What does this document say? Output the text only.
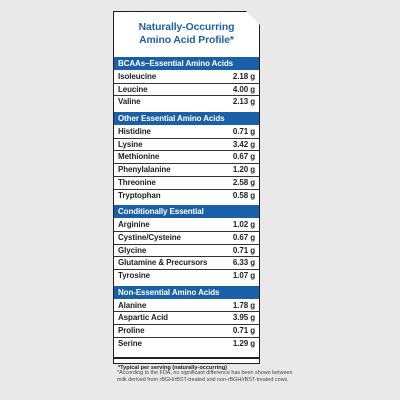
Naturally-Occurring
Amino Acid Profile*
BCAAs–Essential Amino Acids
Isoleucine	2.18 g
Leucine	4.00 g
Valine	2.13 g
Other Essential Amino Acids
Histidine	0.71 g
Lysine	3.42 g
Methionine	0.67 g
Phenylalanine	1.20 g
Threonine	2.58 g
Tryptophan	0.58 g
Conditionally Essential
Arginine	1.02 g
Cystine/Cysteine	0.67 g
Glycine	0.71 g
Glutamine & Precursors	6.33 g
Tyrosine	1.07 g
Non-Essential Amino Acids
Alanine	1.78 g
Aspartic Acid	3.95 g
Proline	0.71 g
Serine	1.29 g
*Typical per serving (naturally-occurring)
*According to the FDA, no significant difference has been shown between milk derived from rBGH/rBST-treated and non-rBGH/rBST-treated cows.
